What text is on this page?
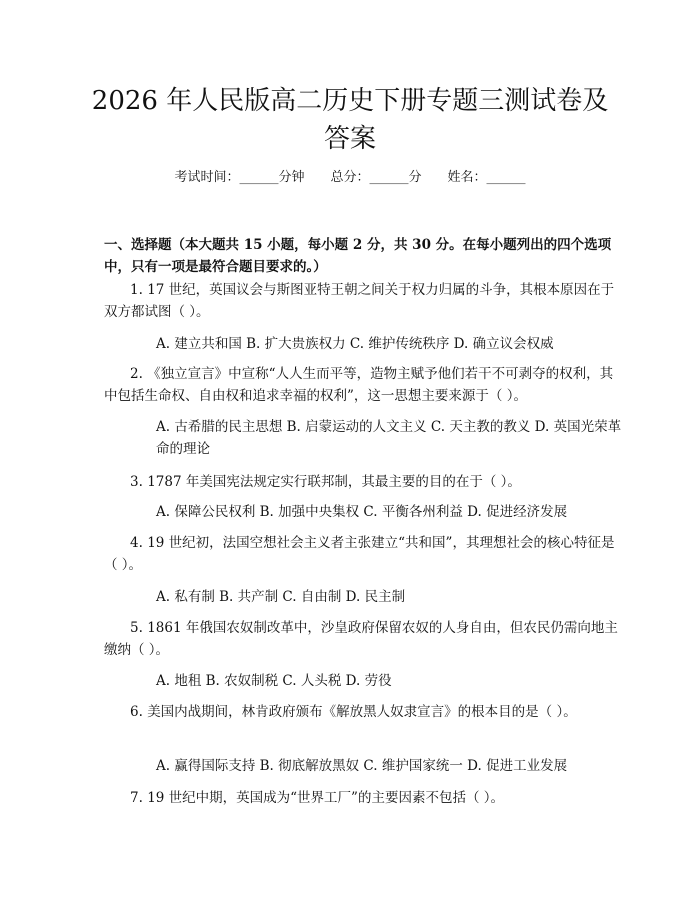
2026 年人民版高二历史下册专题三测试卷及
答案
考试时间：______分钟 总分：______分 姓名：______
一、选择题（本大题共 15 小题，每小题 2 分，共 30 分。在每小题列出的四个选项中，只有一项是最符合题目要求的。）
1. 17 世纪，英国议会与斯图亚特王朝之间关于权力归属的斗争，其根本原因在于双方都试图（ ）。
A. 建立共和国 B. 扩大贵族权力 C. 维护传统秩序 D. 确立议会权威
2. 《独立宣言》中宣称“人人生而平等，造物主赋予他们若干不可剥夺的权利，其中包括生命权、自由权和追求幸福的权利”，这一思想主要来源于（ ）。
A. 古希腊的民主思想 B. 启蒙运动的人文主义 C. 天主教的教义 D. 英国光荣革命的理论
3. 1787 年美国宪法规定实行联邦制，其最主要的目的在于（ ）。
A. 保障公民权利 B. 加强中央集权 C. 平衡各州利益 D. 促进经济发展
4. 19 世纪初，法国空想社会主义者主张建立“共和国”，其理想社会的核心特征是（ ）。
A. 私有制 B. 共产制 C. 自由制 D. 民主制
5. 1861 年俄国农奴制改革中，沙皇政府保留农奴的人身自由，但农民仍需向地主缴纳（ ）。
A. 地租 B. 农奴制税 C. 人头税 D. 劳役
6. 美国内战期间，林肯政府颁布《解放黑人奴隶宣言》的根本目的是（ ）。
A. 赢得国际支持 B. 彻底解放黑奴 C. 维护国家统一 D. 促进工业发展
7. 19 世纪中期，英国成为“世界工厂”的主要因素不包括（ ）。
